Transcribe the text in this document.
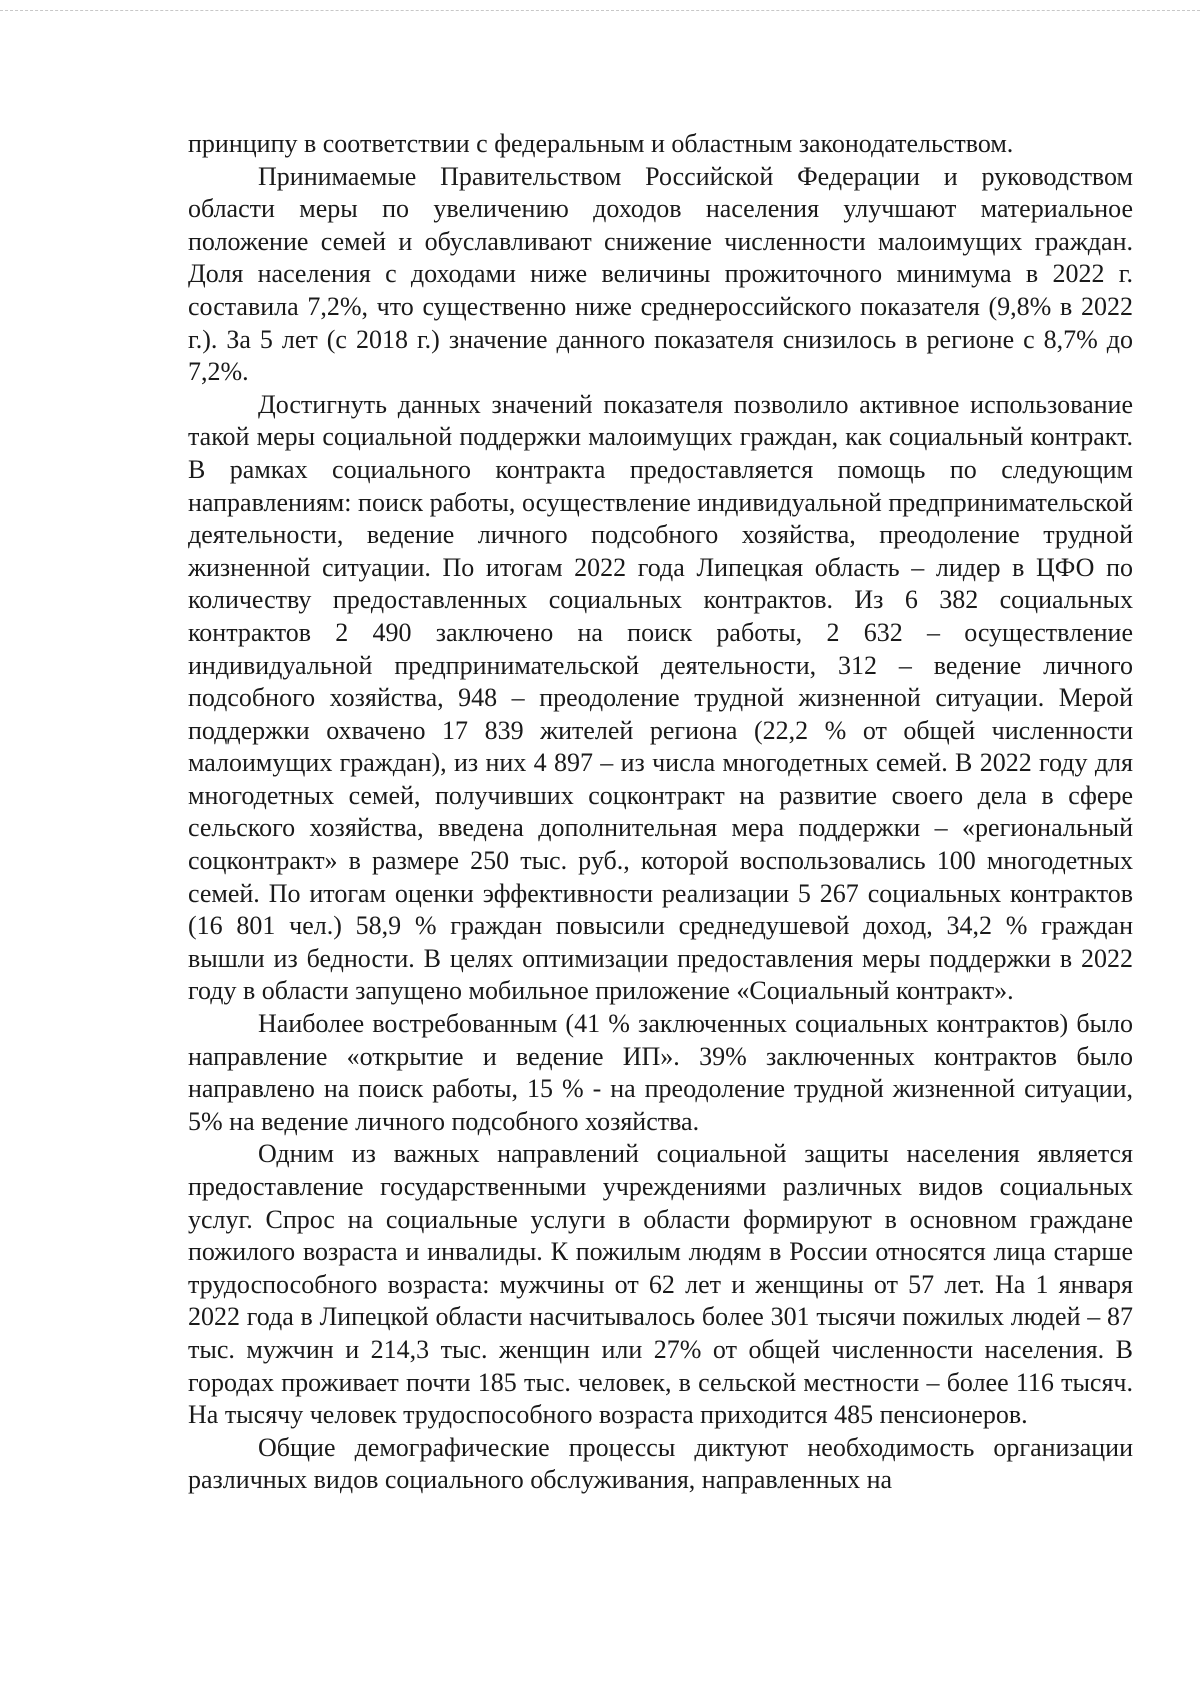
принципу в соответствии с федеральным и областным законодательством.

Принимаемые Правительством Российской Федерации и руководством области меры по увеличению доходов населения улучшают материальное положение семей и обуславливают снижение численности малоимущих граждан. Доля населения с доходами ниже величины прожиточного минимума в 2022 г. составила 7,2%, что существенно ниже среднероссийского показателя (9,8% в 2022 г.). За 5 лет (с 2018 г.) значение данного показателя снизилось в регионе с 8,7% до 7,2%.

Достигнуть данных значений показателя позволило активное использование такой меры социальной поддержки малоимущих граждан, как социальный контракт. В рамках социального контракта предоставляется помощь по следующим направлениям: поиск работы, осуществление индивидуальной предпринимательской деятельности, ведение личного подсобного хозяйства, преодоление трудной жизненной ситуации. По итогам 2022 года Липецкая область – лидер в ЦФО по количеству предоставленных социальных контрактов. Из 6 382 социальных контрактов 2 490 заключено на поиск работы, 2 632 – осуществление индивидуальной предпринимательской деятельности, 312 – ведение личного подсобного хозяйства, 948 – преодоление трудной жизненной ситуации. Мерой поддержки охвачено 17 839 жителей региона (22,2 % от общей численности малоимущих граждан), из них 4 897 – из числа многодетных семей. В 2022 году для многодетных семей, получивших соцконтракт на развитие своего дела в сфере сельского хозяйства, введена дополнительная мера поддержки – «региональный соцконтракт» в размере 250 тыс. руб., которой воспользовались 100 многодетных семей. По итогам оценки эффективности реализации 5 267 социальных контрактов (16 801 чел.) 58,9 % граждан повысили среднедушевой доход, 34,2 % граждан вышли из бедности. В целях оптимизации предоставления меры поддержки в 2022 году в области запущено мобильное приложение «Социальный контракт».

Наиболее востребованным (41 % заключенных социальных контрактов) было направление «открытие и ведение ИП». 39% заключенных контрактов было направлено на поиск работы, 15 % - на преодоление трудной жизненной ситуации, 5% на ведение личного подсобного хозяйства.

Одним из важных направлений социальной защиты населения является предоставление государственными учреждениями различных видов социальных услуг. Спрос на социальные услуги в области формируют в основном граждане пожилого возраста и инвалиды. К пожилым людям в России относятся лица старше трудоспособного возраста: мужчины от 62 лет и женщины от 57 лет. На 1 января 2022 года в Липецкой области насчитывалось более 301 тысячи пожилых людей – 87 тыс. мужчин и 214,3 тыс. женщин или 27% от общей численности населения. В городах проживает почти 185 тыс. человек, в сельской местности – более 116 тысяч. На тысячу человек трудоспособного возраста приходится 485 пенсионеров.

Общие демографические процессы диктуют необходимость организации различных видов социального обслуживания, направленных на
